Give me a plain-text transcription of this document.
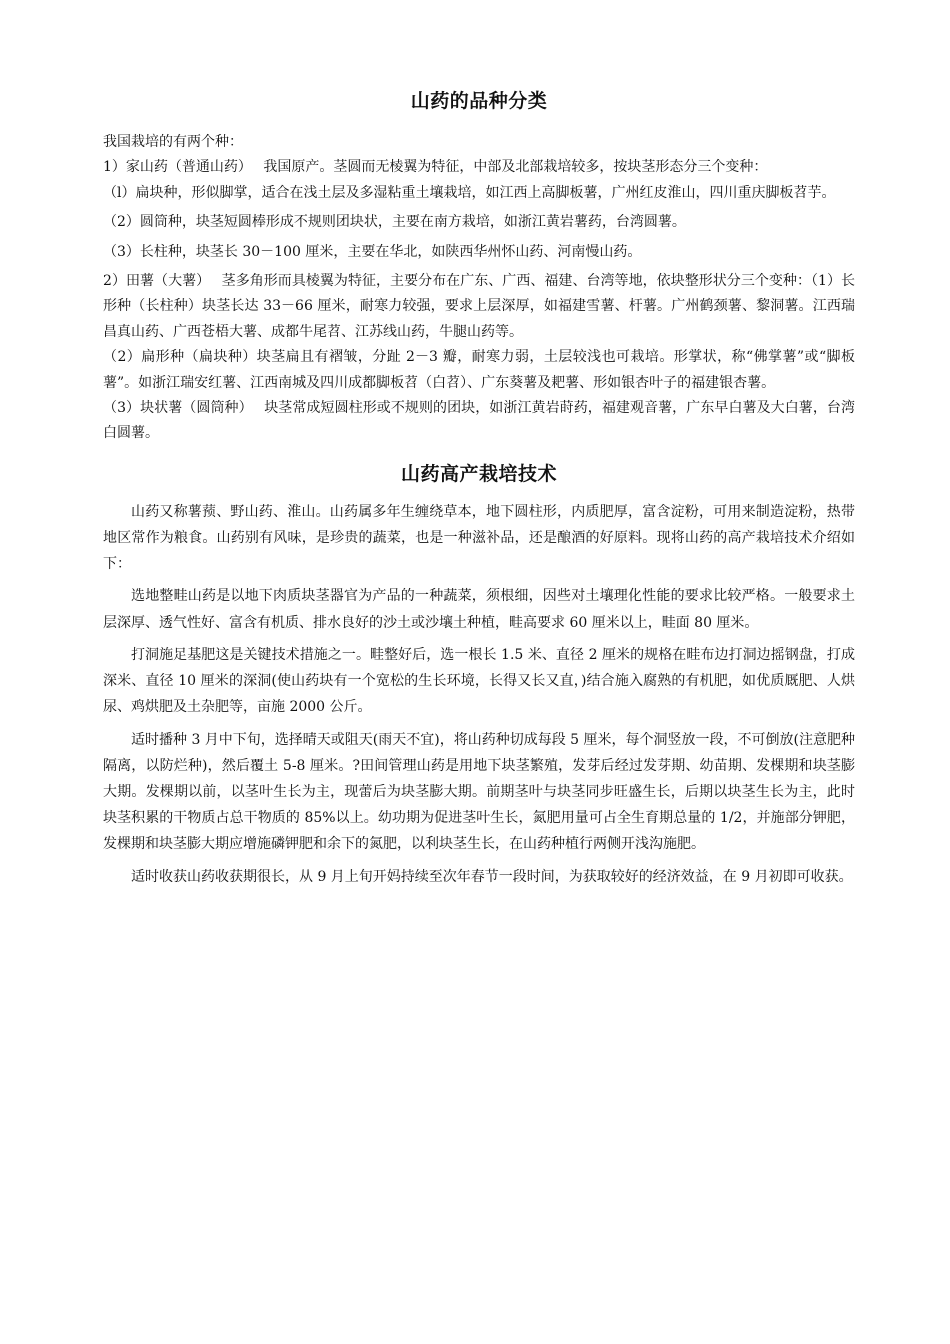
山药的品种分类

我国栽培的有两个种：

1）家山药（普通山药）　 我国原产。茎圆而无棱翼为特征，中部及北部栽培较多，按块茎形态分三个变种：

（l）扁块种，形似脚掌，适合在浅土层及多湿粘重土壤栽培，如江西上高脚板薯，广州红皮淮山，四川重庆脚板苕芋。

（2）圆筒种，块茎短圆棒形成不规则团块状，主要在南方栽培，如浙江黄岩薯药，台湾圆薯。

（3）长柱种，块茎长 30－100 厘米，主要在华北，如陕西华州怀山药、河南慢山药。

2）田薯（大薯）　 茎多角形而具棱翼为特征，主要分布在广东、广西、福建、台湾等地，依块整形状分三个变种：（1）长形种（长柱种）块茎长达 33－66 厘米，耐寒力较强，要求上层深厚，如福建雪薯、杆薯。广州鹤颈薯、黎洞薯。江西瑞昌真山药、广西苍梧大薯、成都牛尾苕、江苏线山药，牛腿山药等。

（2）扁形种（扁块种）块茎扁且有褶皱，分趾 2－3 瓣，耐寒力弱，土层较浅也可栽培。形掌状，称“佛掌薯”或“脚板薯”。如浙江瑞安红薯、江西南城及四川成都脚板苕（白苕）、广东葵薯及耙薯、形如银杏叶子的福建银杏薯。

（3）块状薯（圆筒种）　 块茎常成短圆柱形或不规则的团块，如浙江黄岩莳药，福建观音薯，广东早白薯及大白薯，台湾白圆薯。

山药高产栽培技术

山药又称薯蓣、野山药、淮山。山药属多年生缠绕草本，地下圆柱形，内质肥厚，富含淀粉，可用来制造淀粉，热带地区常作为粮食。山药别有风味，是珍贵的蔬菜，也是一种滋补品，还是酿酒的好原料。现将山药的高产栽培技术介绍如下：

选地整畦山药是以地下肉质块茎器官为产品的一种蔬菜，须根细，因些对土壤理化性能的要求比较严格。一般要求土层深厚、透气性好、富含有机质、排水良好的沙土或沙壤土种植，畦高要求 60 厘米以上，畦面 80 厘米。

打洞施足基肥这是关键技术措施之一。畦整好后，选一根长 1.5 米、直径 2 厘米的规格在畦布边打洞边摇钢盘，打成深米、直径 10 厘米的深洞(使山药块有一个宽松的生长环境，长得又长又直，)结合施入腐熟的有机肥，如优质厩肥、人烘尿、鸡烘肥及土杂肥等，亩施 2000 公斤。

适时播种 3 月中下旬，选择晴天或阻天(雨天不宜)，将山药种切成每段 5 厘米，每个洞竖放一段，不可倒放(注意肥种隔离，以防烂种)，然后覆土 5-8 厘米。?田间管理山药是用地下块茎繁殖，发芽后经过发芽期、幼苗期、发棵期和块茎膨大期。发棵期以前，以茎叶生长为主，现蕾后为块茎膨大期。前期茎叶与块茎同步旺盛生长，后期以块茎生长为主，此时块茎积累的干物质占总干物质的 85%以上。幼功期为促进茎叶生长，氮肥用量可占全生育期总量的 1/2，并施部分钾肥，发棵期和块茎膨大期应增施磷钾肥和余下的氮肥，以利块茎生长，在山药种植行两侧开浅沟施肥。

适时收获山药收获期很长，从 9 月上旬开妈持续至次年春节一段时间，为获取较好的经济效益，在 9 月初即可收获。
